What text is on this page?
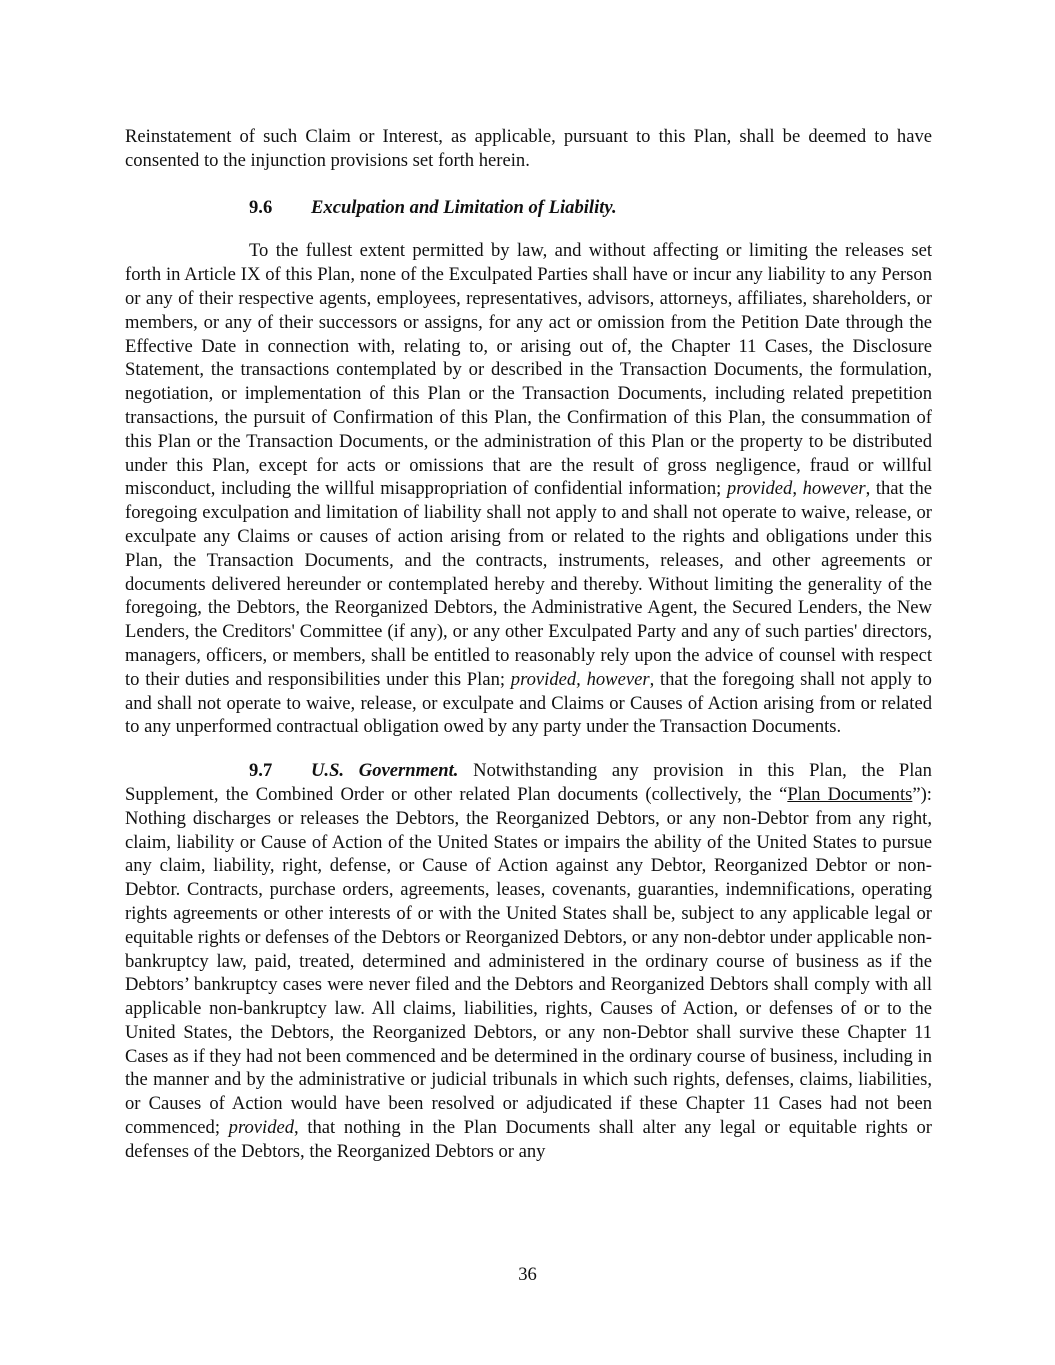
Reinstatement of such Claim or Interest, as applicable, pursuant to this Plan, shall be deemed to have consented to the injunction provisions set forth herein.

9.6 Exculpation and Limitation of Liability.

To the fullest extent permitted by law, and without affecting or limiting the releases set forth in Article IX of this Plan, none of the Exculpated Parties shall have or incur any liability to any Person or any of their respective agents, employees, representatives, advisors, attorneys, affiliates, shareholders, or members, or any of their successors or assigns, for any act or omission from the Petition Date through the Effective Date in connection with, relating to, or arising out of, the Chapter 11 Cases, the Disclosure Statement, the transactions contemplated by or described in the Transaction Documents, the formulation, negotiation, or implementation of this Plan or the Transaction Documents, including related prepetition transactions, the pursuit of Confirmation of this Plan, the Confirmation of this Plan, the consummation of this Plan or the Transaction Documents, or the administration of this Plan or the property to be distributed under this Plan, except for acts or omissions that are the result of gross negligence, fraud or willful misconduct, including the willful misappropriation of confidential information; provided, however, that the foregoing exculpation and limitation of liability shall not apply to and shall not operate to waive, release, or exculpate any Claims or causes of action arising from or related to the rights and obligations under this Plan, the Transaction Documents, and the contracts, instruments, releases, and other agreements or documents delivered hereunder or contemplated hereby and thereby. Without limiting the generality of the foregoing, the Debtors, the Reorganized Debtors, the Administrative Agent, the Secured Lenders, the New Lenders, the Creditors' Committee (if any), or any other Exculpated Party and any of such parties' directors, managers, officers, or members, shall be entitled to reasonably rely upon the advice of counsel with respect to their duties and responsibilities under this Plan; provided, however, that the foregoing shall not apply to and shall not operate to waive, release, or exculpate and Claims or Causes of Action arising from or related to any unperformed contractual obligation owed by any party under the Transaction Documents.

9.7 U.S. Government. Notwithstanding any provision in this Plan, the Plan Supplement, the Combined Order or other related Plan documents (collectively, the “Plan Documents”): Nothing discharges or releases the Debtors, the Reorganized Debtors, or any non-Debtor from any right, claim, liability or Cause of Action of the United States or impairs the ability of the United States to pursue any claim, liability, right, defense, or Cause of Action against any Debtor, Reorganized Debtor or non-Debtor. Contracts, purchase orders, agreements, leases, covenants, guaranties, indemnifications, operating rights agreements or other interests of or with the United States shall be, subject to any applicable legal or equitable rights or defenses of the Debtors or Reorganized Debtors, or any non-debtor under applicable non-bankruptcy law, paid, treated, determined and administered in the ordinary course of business as if the Debtors’ bankruptcy cases were never filed and the Debtors and Reorganized Debtors shall comply with all applicable non-bankruptcy law. All claims, liabilities, rights, Causes of Action, or defenses of or to the United States, the Debtors, the Reorganized Debtors, or any non-Debtor shall survive these Chapter 11 Cases as if they had not been commenced and be determined in the ordinary course of business, including in the manner and by the administrative or judicial tribunals in which such rights, defenses, claims, liabilities, or Causes of Action would have been resolved or adjudicated if these Chapter 11 Cases had not been commenced; provided, that nothing in the Plan Documents shall alter any legal or equitable rights or defenses of the Debtors, the Reorganized Debtors or any

36
